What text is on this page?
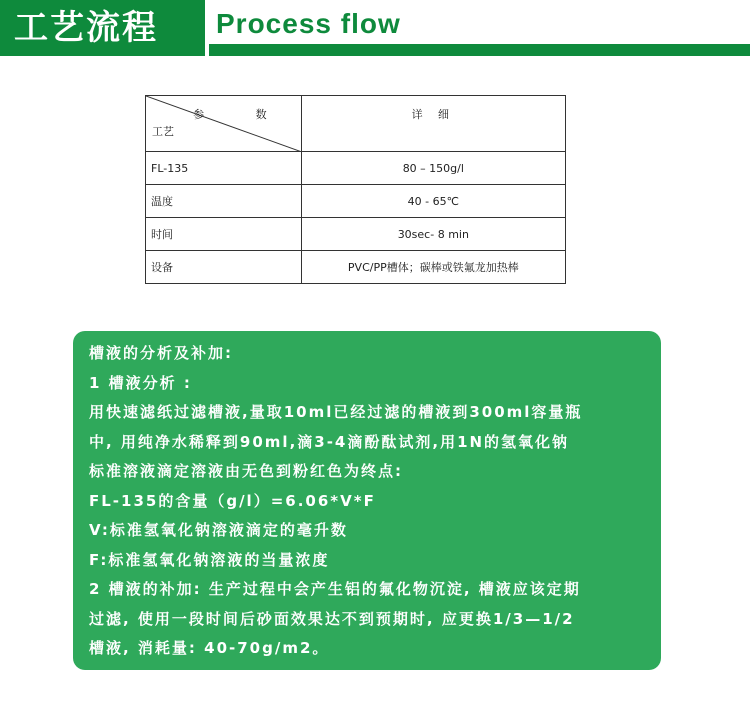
工艺流程 Process flow
参 数
工艺	详 细
FL-135	80 – 150g/l
温度	40 - 65℃
时间	30sec- 8 min
设备	PVC/PP槽体；碳棒或铁氟龙加热棒
槽液的分析及补加:
1 槽液分析 :
用快速滤纸过滤槽液,量取10ml已经过滤的槽液到300ml容量瓶
中, 用纯净水稀释到90ml,滴3-4滴酚酞试剂,用1N的氢氧化钠
标准溶液滴定溶液由无色到粉红色为终点:
FL-135的含量（g/l）=6.06*V*F
V:标准氢氧化钠溶液滴定的毫升数
F:标准氢氧化钠溶液的当量浓度
2 槽液的补加: 生产过程中会产生铝的氟化物沉淀, 槽液应该定期
过滤, 使用一段时间后砂面效果达不到预期时, 应更换1/3—1/2
槽液, 消耗量: 40-70g/m2。
